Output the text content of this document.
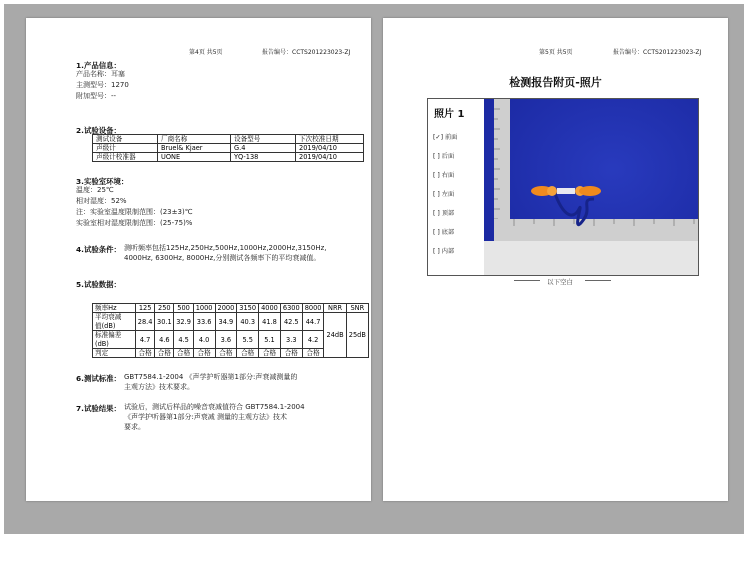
第4页 共5页	报告编号：CCTS201223023-ZJ
1.产品信息：
产品名称：耳塞
主测型号：1270
附加型号：--
2.试验设备：
测试设备	厂商名称	设备型号	下次校准日期
声级计	Bruel& Kjaer	G.4	2019/04/10
声级计校准器	UONE	YQ-138	2019/04/10
3.实验室环境：
温度：25℃
相对湿度：52%
注：实验室温度限制范围：(23±3)℃
实验室相对湿度限制范围：(25-75)%
4.试验条件： 测听频率包括125Hz,250Hz,500Hz,1000Hz,2000Hz,3150Hz,
4000Hz, 6300Hz, 8000Hz,分别测试各频率下的平均衰减值。
5.试验数据：
频率Hz	125	250	500	1000	2000	3150	4000	6300	8000	NRR	SNR
平均衰减
值(dB)	28.4	30.1	32.9	33.6	34.9	40.3	41.8	42.5	44.7	24dB	25dB
标准偏差
(dB)	4.7	4.6	4.5	4.0	3.6	5.5	5.1	3.3	4.2		
判定	合格	合格	合格	合格	合格	合格	合格	合格	合格		
6.测试标准： GBT7584.1-2004 《声学护听器第1部分:声衰减测量的
主观方法》技术要求。
7.试验结果： 试验后，测试后样品的噪音衰减值符合 GBT7584.1-2004
《声学护听器第1部分:声衰减 测量的主观方法》技术
要求。
第5页 共5页	报告编号：CCTS201223023-ZJ
检测报告附页-照片
照片 1
[✓] 前面
[ ] 后面
[ ] 右面
[ ] 左面
[ ] 顶部
[ ] 底部
[ ] 内部
以下空白
